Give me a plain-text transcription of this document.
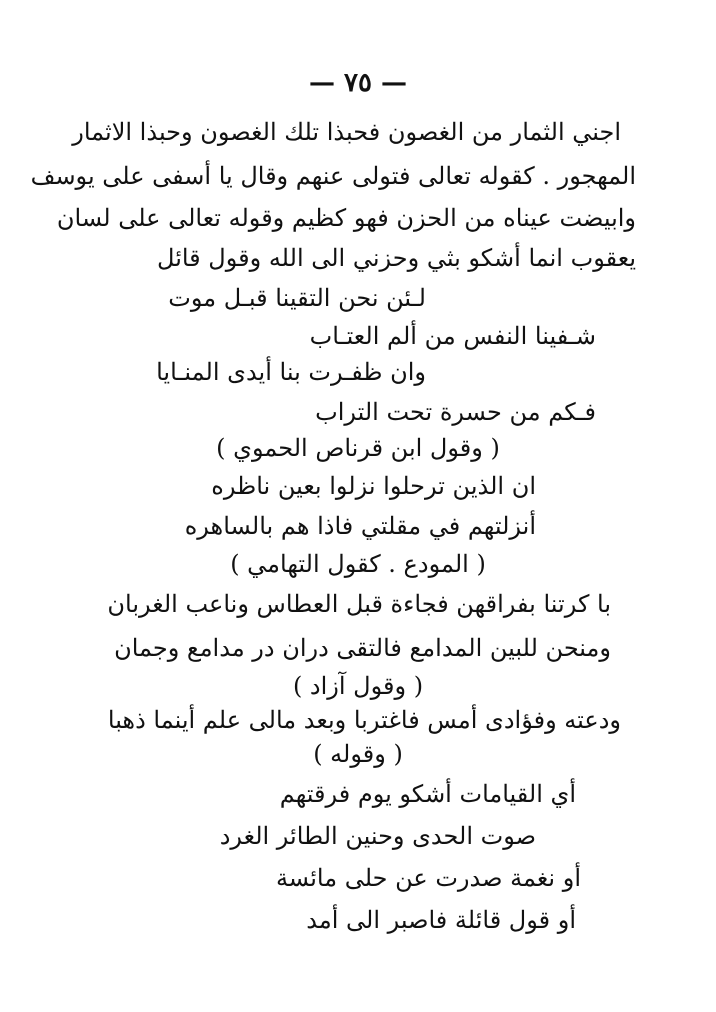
— ٧٥ —
اجني الثمار من الغصون فحبذا تلك الغصون وحبذا الاثمار
المهجور . كقوله تعالى فتولى عنهم وقال يا أسفى على يوسف
وابيضت عيناه من الحزن فهو كظيم وقوله تعالى على لسان
يعقوب انما أشكو بثي وحزني الى الله وقول قائل
لـئن نحن التقينا قبـل موت
شـفينا النفس من ألم العتـاب
وان ظفـرت بنا أيدى المنـايا
فـكم من حسرة تحت التراب
( وقول ابن قرناص الحموي )
ان الذين ترحلوا نزلوا بعين ناظره
أنزلتهم في مقلتي فاذا هم بالساهره
( المودع . كقول التهامي )
با كرتنا بفراقهن فجاءة قبل العطاس وناعب الغربان
ومنحن للبين المدامع فالتقى دران در مدامع وجمان
( وقول آزاد )
ودعته وفؤادى أمس فاغتربا وبعد مالى علم أينما ذهبا
( وقوله )
أي القيامات أشكو يوم فرقتهم
صوت الحدى وحنين الطائر الغرد
أو نغمة صدرت عن حلى مائسة
أو قول قائلة فاصبر الى أمد
